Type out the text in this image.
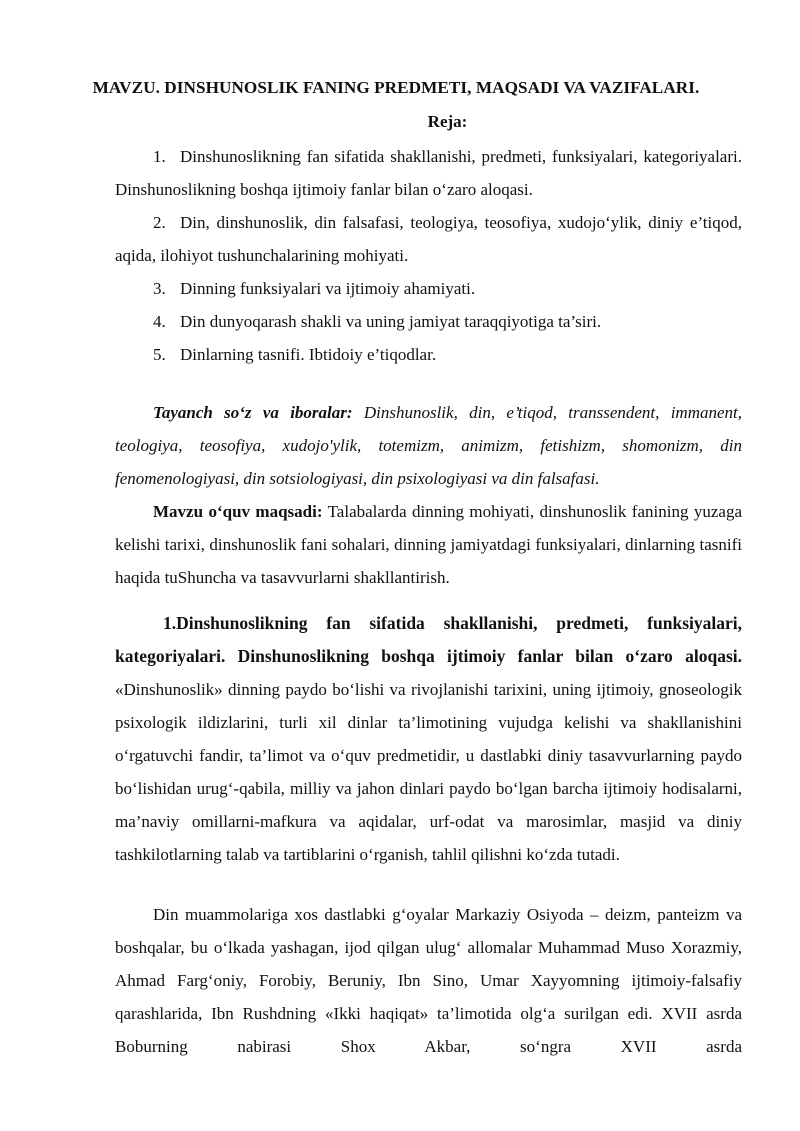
MAVZU. DINSHUNOSLIK FANING PREDMETI, MAQSADI VA VAZIFALARI.
Reja:
1. Dinshunoslikning fan sifatida shakllanishi, predmeti, funksiyalari, kategoriyalari. Dinshunoslikning boshqa ijtimoiy fanlar bilan o‘zaro aloqasi.
2. Din, dinshunoslik, din falsafasi, teologiya, teosofiya, xudojo‘ylik, diniy e’tiqod, aqida, ilohiyot tushunchalarining mohiyati.
3. Dinning funksiyalari va ijtimoiy ahamiyati.
4. Din dunyoqarash shakli va uning jamiyat taraqqiyotiga ta’siri.
5. Dinlarning tasnifi. Ibtidoiy e’tiqodlar.

Tayanch so‘z va iboralar: Dinshunoslik, din, e’tiqod, transsendent, immanent, teologiya, teosofiya, xudojo'ylik, totemizm, animizm, fetishizm, shomonizm, din fenomenologiyasi, din sotsiologiyasi, din psixologiyasi va din falsafasi.

Mavzu o‘quv maqsadi: Talabalarda dinning mohiyati, dinshunoslik fanining yuzaga kelishi tarixi, dinshunoslik fani sohalari, dinning jamiyatdagi funksiyalari, dinlarning tasnifi haqida tuShuncha va tasavvurlarni shakllantirish.

1.Dinshunoslikning fan sifatida shakllanishi, predmeti, funksiyalari, kategoriyalari. Dinshunoslikning boshqa ijtimoiy fanlar bilan o‘zaro aloqasi. «Dinshunoslik» dinning paydo bo‘lishi va rivojlanishi tarixini, uning ijtimoiy, gnoseologik psixologik ildizlarini, turli xil dinlar ta’limotining vujudga kelishi va shakllanishini o‘rgatuvchi fandir, ta’limot va o‘quv predmetidir, u dastlabki diniy tasavvurlarning paydo bo‘lishidan urug‘-qabila, milliy va jahon dinlari paydo bo‘lgan barcha ijtimoiy hodisalarni, ma’naviy omillarni-mafkura va aqidalar, urf-odat va marosimlar, masjid va diniy tashkilotlarning talab va tartiblarini o‘rganish, tahlil qilishni ko‘zda tutadi.

Din muammolariga xos dastlabki g‘oyalar Markaziy Osiyoda – deizm, panteizm va boshqalar, bu o‘lkada yashagan, ijod qilgan ulug‘ allomalar Muhammad Muso Xorazmiy, Ahmad Farg‘oniy, Forobiy, Beruniy, Ibn Sino, Umar Xayyomning ijtimoiy-falsafiy qarashlarida, Ibn Rushdning «Ikki haqiqat» ta’limotida olg‘a surilgan edi. XVII asrda Boburning nabirasi Shox Akbar, so‘ngra XVII asrda
